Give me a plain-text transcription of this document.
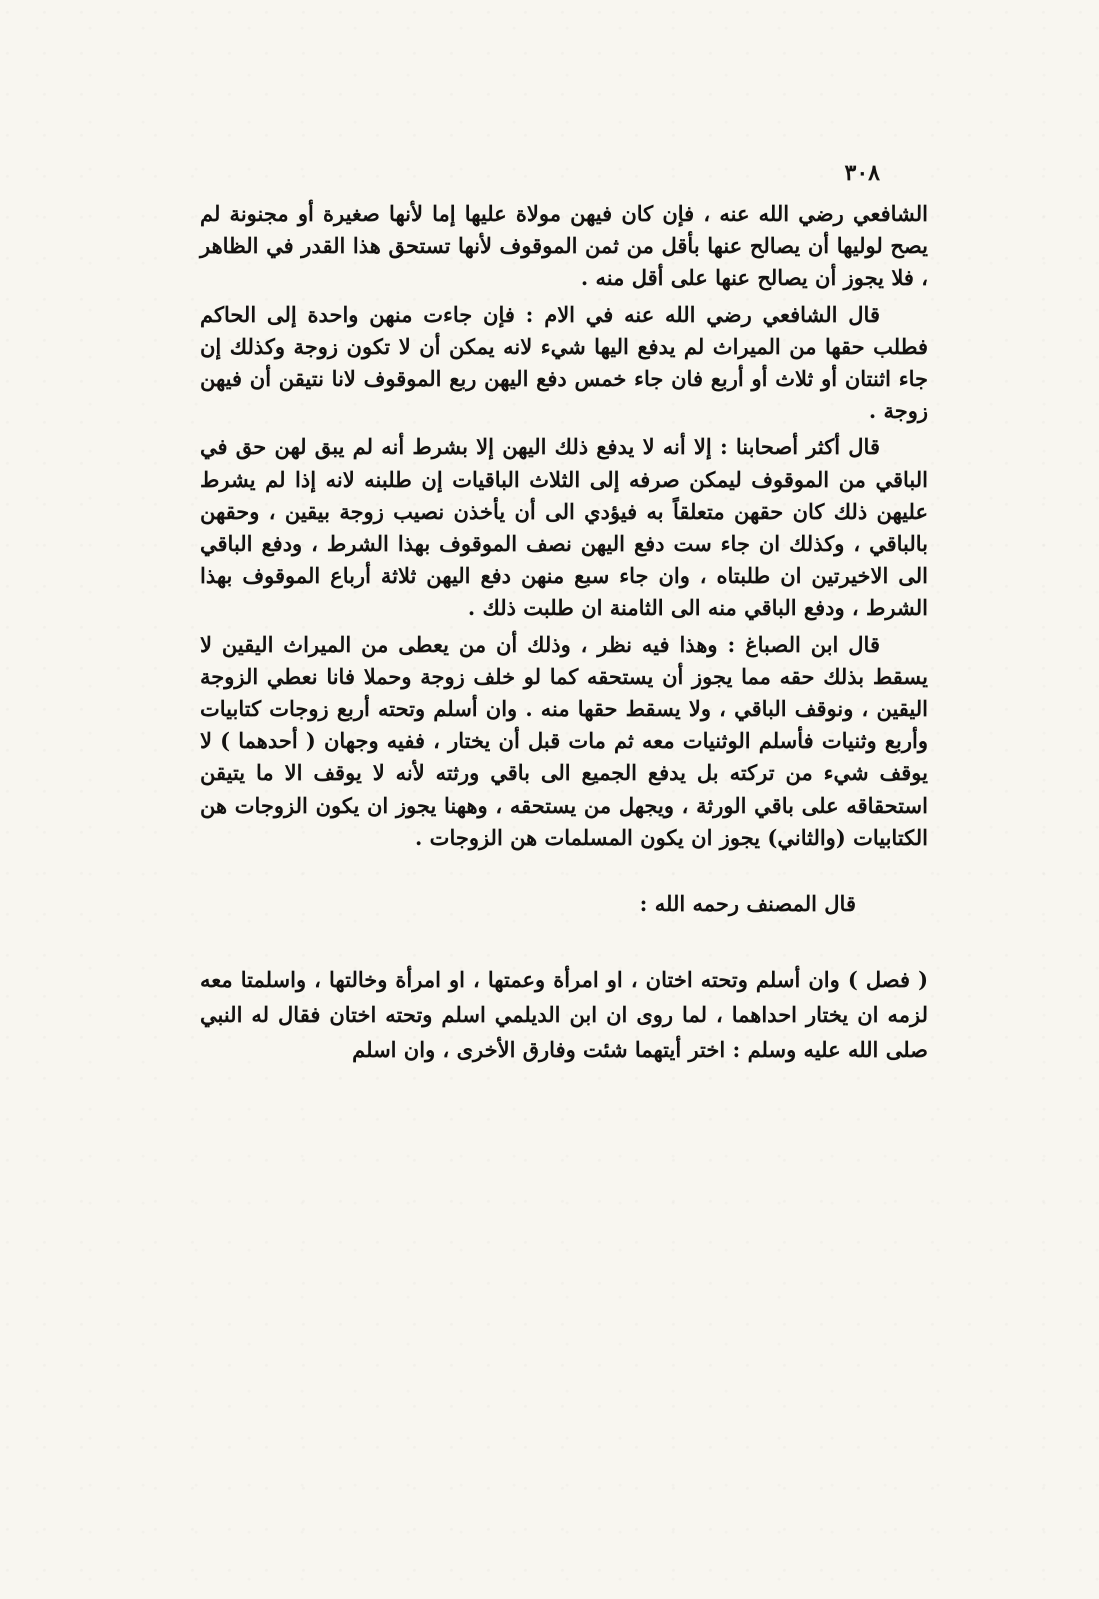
٣٠٨

الشافعي رضي الله عنه ، فإن كان فيهن مولاة عليها إما لأنها صغيرة أو مجنونة لم يصح لوليها أن يصالح عنها بأقل من ثمن الموقوف لأنها تستحق هذا القدر في الظاهر ، فلا يجوز أن يصالح عنها على أقل منه .

قال الشافعي رضي الله عنه في الام : فإن جاءت منهن واحدة إلى الحاكم فطلب حقها من الميراث لم يدفع اليها شيء لانه يمكن أن لا تكون زوجة وكذلك إن جاء اثنتان أو ثلاث أو أربع فان جاء خمس دفع اليهن ربع الموقوف لانا نتيقن أن فيهن زوجة .

قال أكثر أصحابنا : إلا أنه لا يدفع ذلك اليهن إلا بشرط أنه لم يبق لهن حق في الباقي من الموقوف ليمكن صرفه إلى الثلاث الباقيات إن طلبنه لانه إذا لم يشرط عليهن ذلك كان حقهن متعلقاً به فيؤدي الى أن يأخذن نصيب زوجة بيقين ، وحقهن بالباقي ، وكذلك ان جاء ست دفع اليهن نصف الموقوف بهذا الشرط ، ودفع الباقي الى الاخيرتين ان طلبتاه ، وان جاء سبع منهن دفع اليهن ثلاثة أرباع الموقوف بهذا الشرط ، ودفع الباقي منه الى الثامنة ان طلبت ذلك .

قال ابن الصباغ : وهذا فيه نظر ، وذلك أن من يعطى من الميراث اليقين لا يسقط بذلك حقه مما يجوز أن يستحقه كما لو خلف زوجة وحملا فانا نعطي الزوجة اليقين ، ونوقف الباقي ، ولا يسقط حقها منه . وان أسلم وتحته أربع زوجات كتابيات وأربع وثنيات فأسلم الوثنيات معه ثم مات قبل أن يختار ، ففيه وجهان ( أحدهما ) لا يوقف شيء من تركته بل يدفع الجميع الى باقي ورثته لأنه لا يوقف الا ما يتيقن استحقاقه على باقي الورثة ، ويجهل من يستحقه ، وههنا يجوز ان يكون الزوجات هن الكتابيات (والثاني) يجوز ان يكون المسلمات هن الزوجات .

قال المصنف رحمه الله :

( فصل ) وان أسلم وتحته اختان ، او امرأة وعمتها ، او امرأة وخالتها ، واسلمتا معه لزمه ان يختار احداهما ، لما روى ان ابن الديلمي اسلم وتحته اختان فقال له النبي صلى الله عليه وسلم : اختر أيتهما شئت وفارق الأخرى ، وان اسلم
